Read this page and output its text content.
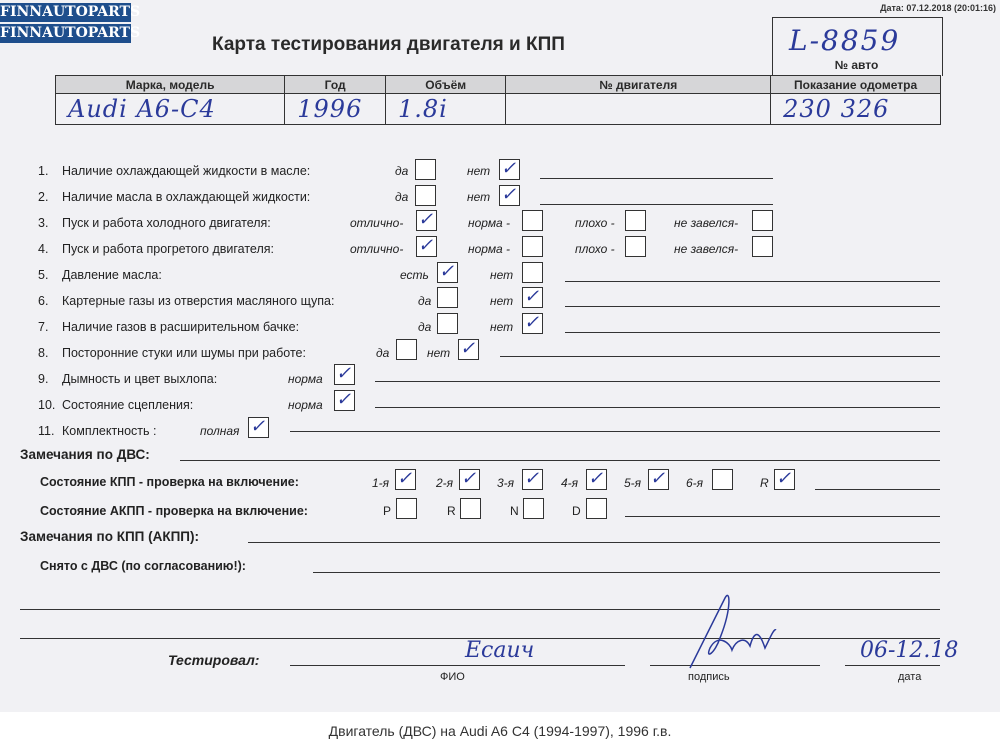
FINNAUTOPARTS
FINNAUTOPARTS
Дата: 07.12.2018 (20:01:16)
Карта тестирования двигателя и КПП	L-8859
Марка, модель	Год	Объём	№ двигателя	Показание одометра
Audi A6-C4	1996	1.8i		230 326
№ авто
1. Наличие охлаждающей жидкости в масле:	да	нет ✓
2. Наличие масла в охлаждающей жидкости:	да	нет ✓
3. Пуск и работа холодного двигателя:	отлично- ✓	норма -	плохо -	не завелся-
4. Пуск и работа прогретого двигателя:	отлично- ✓	норма -	плохо -	не завелся-
5. Давление масла:	есть ✓	нет
6. Картерные газы из отверстия масляного щупа:	да	нет ✓
7. Наличие газов в расширительном бачке:	да	нет ✓
8. Посторонние стуки или шумы при работе:	да	нет ✓
9. Дымность и цвет выхлопа:	норма ✓
10. Состояние сцепления:	норма ✓
11. Комплектность :	полная ✓
Замечания по ДВС:
Состояние КПП - проверка на включение:	1-я ✓ 2-я ✓ 3-я ✓ 4-я ✓ 5-я ✓ 6-я	R ✓
Состояние АКПП - проверка на включение:	P	R	N	D
Замечания по КПП (АКПП):
Снято с ДВС (по согласованию!):
Тестировал:	Есаич
ФИО	подпись
06-12.18
дата
Двигатель (ДВС) на Audi A6 C4 (1994-1997), 1996 г.в.
